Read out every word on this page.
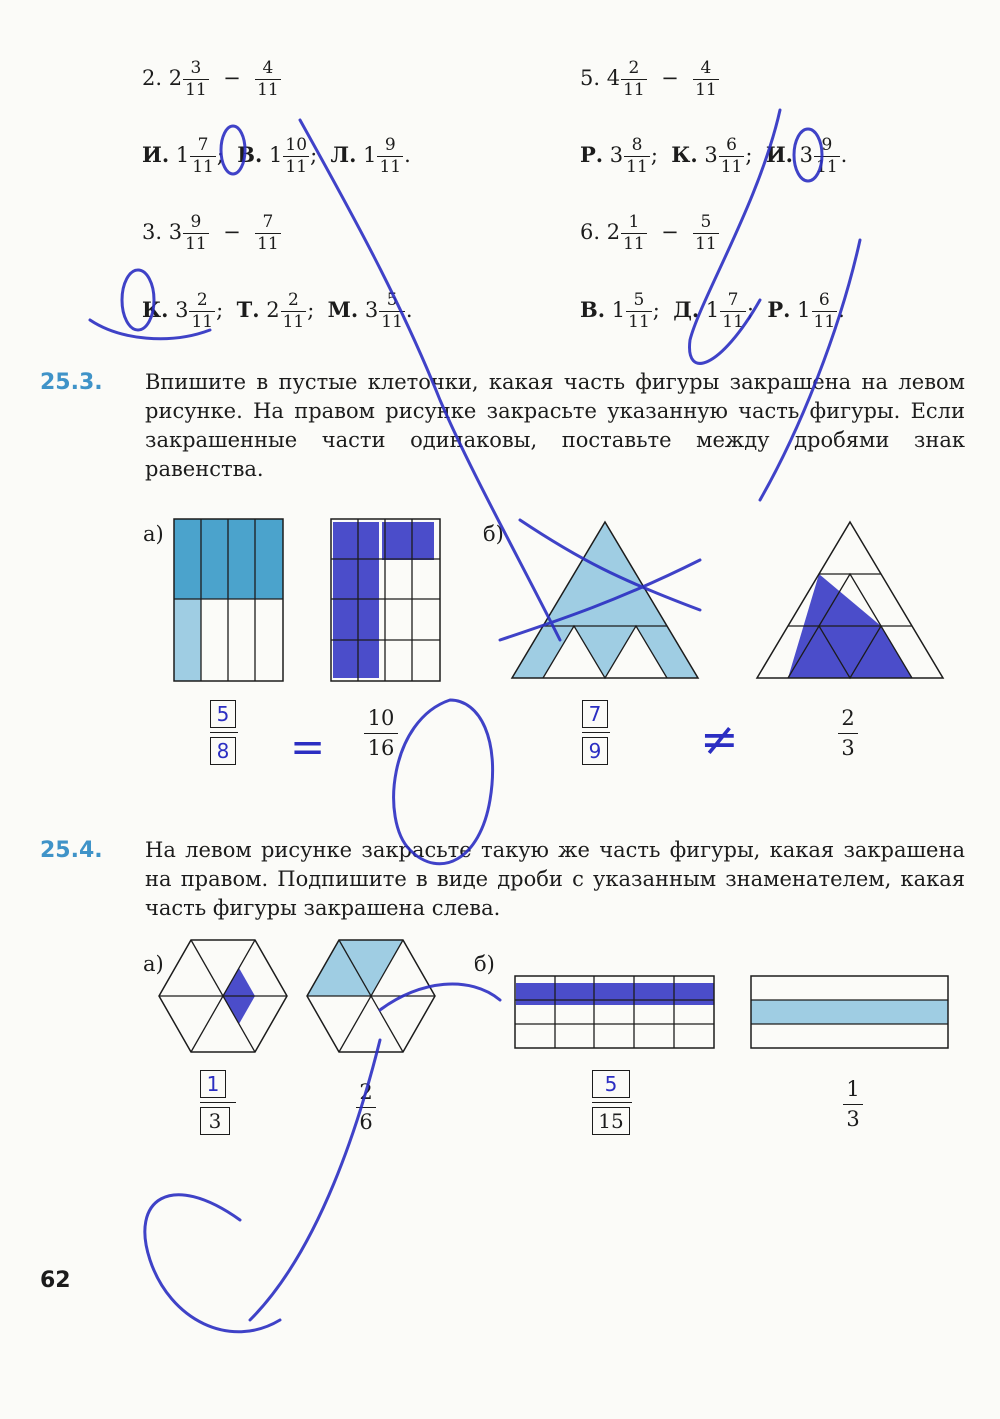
2. $2 \frac{3}{11} - \frac{4}{11}$	5. $4 \frac{2}{11} - \frac{4}{11}$
И. $1 \frac{7}{11}$ ; В. $1 \frac{10}{11}$ ; Л. $1 \frac{9}{11}$ .	Р. $3 \frac{8}{11}$ ; К. $3 \frac{6}{11}$ ; И. $3 \frac{9}{11}$ .
3. $3 \frac{9}{11} - \frac{7}{11}$	6. $2 \frac{1}{11} - \frac{5}{11}$
К. $3 \frac{2}{11}$ ; Т. $2 \frac{2}{11}$ ; М. $3 \frac{5}{11}$ .	В. $1 \frac{5}{11}$ ; Д. $1 \frac{7}{11}$ ; Р. $1 \frac{6}{11}$ .
25.3. Впишите в пустые клеточки, какая часть фигуры закрашена на левом рисунке. На правом рисунке закрасьте указанную часть фигуры. Если закрашенные части одинаковы, поставьте между дробями знак равенства.
а)	б)
$\frac{5}{8}$ =
10
16	$\frac{7}{9}$ ≠	2
3
25.4. На левом рисунке закрасьте такую же часть фигуры, какая закрашена на правом. Подпишите в виде дроби с указанным знаменателем, какая часть фигуры закрашена слева.
а)	б)
$\frac{1}{3}$	2
6	$\frac{5}{15}$	1
3
62
